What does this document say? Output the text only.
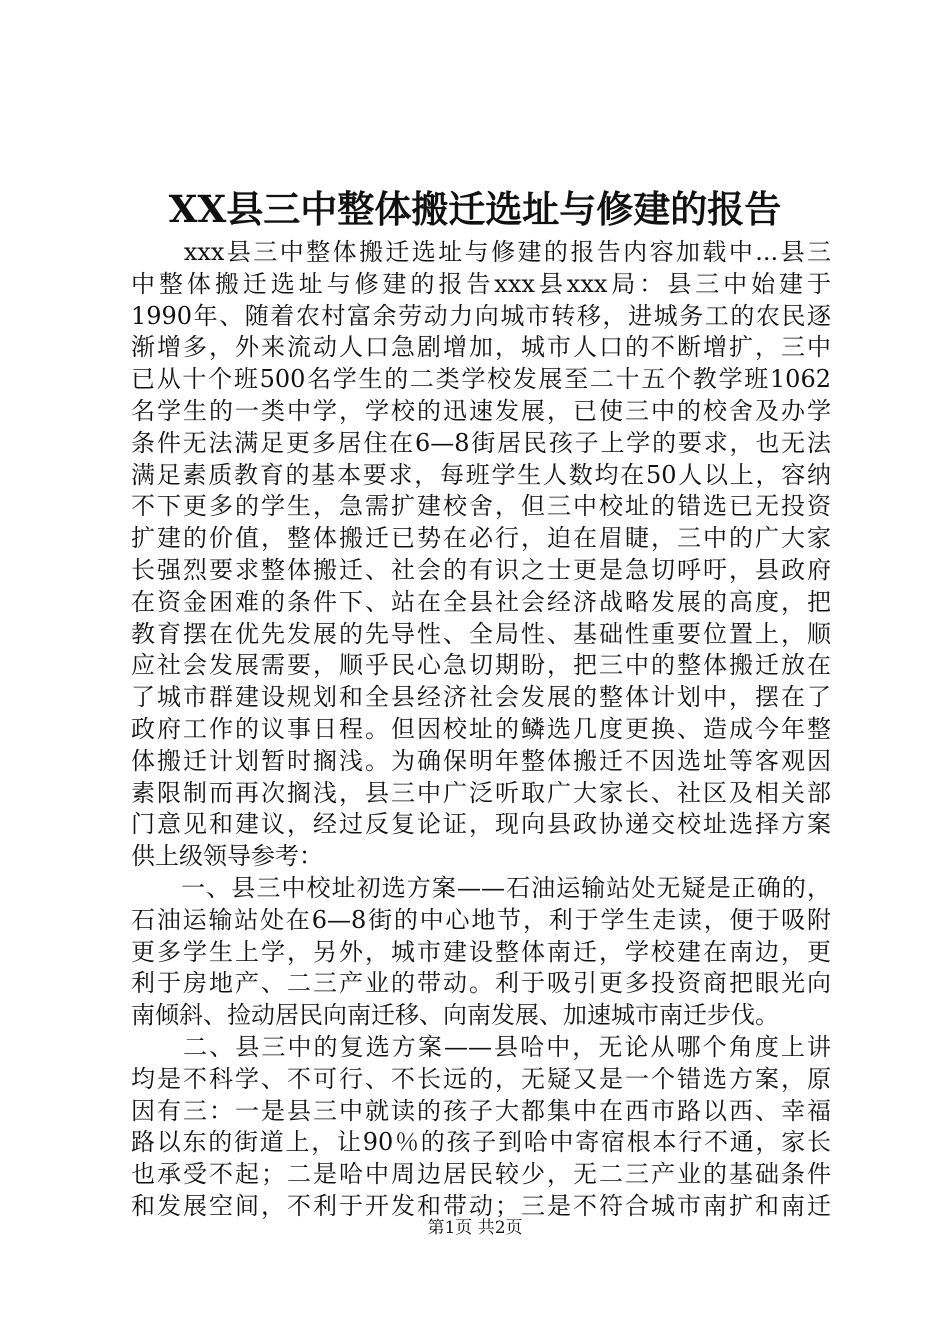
XX县三中整体搬迁选址与修建的报告
　　xxx县三中整体搬迁选址与修建的报告内容加载中...县三
中整体搬迁选址与修建的报告xxx县xxx局：县三中始建于
1990年、随着农村富余劳动力向城市转移，进城务工的农民逐
渐增多，外来流动人口急剧增加，城市人口的不断增扩，三中
已从十个班500名学生的二类学校发展至二十五个教学班1062
名学生的一类中学，学校的迅速发展，已使三中的校舍及办学
条件无法满足更多居住在6—8街居民孩子上学的要求，也无法
满足素质教育的基本要求，每班学生人数均在50人以上，容纳
不下更多的学生，急需扩建校舍，但三中校址的错选已无投资
扩建的价值，整体搬迁已势在必行，迫在眉睫，三中的广大家
长强烈要求整体搬迁、社会的有识之士更是急切呼吁，县政府
在资金困难的条件下、站在全县社会经济战略发展的高度，把
教育摆在优先发展的先导性、全局性、基础性重要位置上，顺
应社会发展需要，顺乎民心急切期盼，把三中的整体搬迁放在
了城市群建设规划和全县经济社会发展的整体计划中，摆在了
政府工作的议事日程。但因校址的鳞选几度更换、造成今年整
体搬迁计划暂时搁浅。为确保明年整体搬迁不因选址等客观因
素限制而再次搁浅，县三中广泛听取广大家长、社区及相关部
门意见和建议，经过反复论证，现向县政协递交校址选择方案
供上级领导参考：
　　一、县三中校址初选方案——石油运输站处无疑是正确的，
石油运输站处在6—8街的中心地节，利于学生走读，便于吸附
更多学生上学，另外，城市建设整体南迁，学校建在南边，更
利于房地产、二三产业的带动。利于吸引更多投资商把眼光向
南倾斜、捡动居民向南迁移、向南发展、加速城市南迁步伐。
　　二、县三中的复选方案——县哈中，无论从哪个角度上讲
均是不科学、不可行、不长远的，无疑又是一个错选方案，原
因有三：一是县三中就读的孩子大都集中在西市路以西、幸福
路以东的街道上，让90％的孩子到哈中寄宿根本行不通，家长
也承受不起；二是哈中周边居民较少，无二三产业的基础条件
和发展空间，不利于开发和带动；三是不符合城市南扩和南迁
第1页 共2页
